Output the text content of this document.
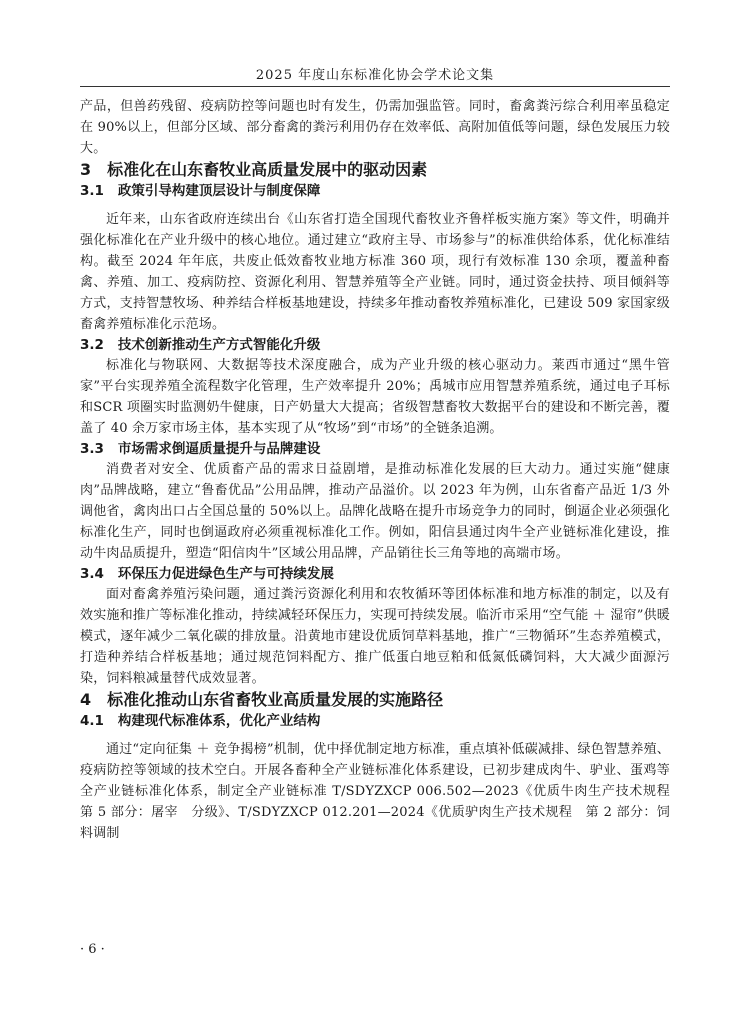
2025 年度山东标准化协会学术论文集

产品，但兽药残留、疫病防控等问题也时有发生，仍需加强监管。同时，畜禽粪污综合利用率虽稳定在 90%以上，但部分区域、部分畜禽的粪污利用仍存在效率低、高附加值低等问题，绿色发展压力较大。

3 标准化在山东畜牧业高质量发展中的驱动因素
3.1 政策引导构建顶层设计与制度保障

近年来，山东省政府连续出台《山东省打造全国现代畜牧业齐鲁样板实施方案》等文件，明确并强化标准化在产业升级中的核心地位。通过建立“政府主导、市场参与”的标准供给体系，优化标准结构。截至 2024 年年底，共废止低效畜牧业地方标准 360 项，现行有效标准 130 余项，覆盖种畜禽、养殖、加工、疫病防控、资源化利用、智慧养殖等全产业链。同时，通过资金扶持、项目倾斜等方式，支持智慧牧场、种养结合样板基地建设，持续多年推动畜牧养殖标准化，已建设 509 家国家级畜禽养殖标准化示范场。

3.2 技术创新推动生产方式智能化升级

标准化与物联网、大数据等技术深度融合，成为产业升级的核心驱动力。莱西市通过“黑牛管家”平台实现养殖全流程数字化管理，生产效率提升 20%；禹城市应用智慧养殖系统，通过电子耳标和SCR 项圈实时监测奶牛健康，日产奶量大大提高；省级智慧畜牧大数据平台的建设和不断完善，覆盖了 40 余万家市场主体，基本实现了从“牧场”到“市场”的全链条追溯。

3.3 市场需求倒逼质量提升与品牌建设

消费者对安全、优质畜产品的需求日益剧增，是推动标准化发展的巨大动力。通过实施“健康肉”品牌战略，建立“鲁畜优品”公用品牌，推动产品溢价。以 2023 年为例，山东省畜产品近 1/3 外调他省，禽肉出口占全国总量的 50%以上。品牌化战略在提升市场竞争力的同时，倒逼企业必须强化标准化生产，同时也倒逼政府必须重视标准化工作。例如，阳信县通过肉牛全产业链标准化建设，推动牛肉品质提升，塑造“阳信肉牛”区域公用品牌，产品销往长三角等地的高端市场。

3.4 环保压力促进绿色生产与可持续发展

面对畜禽养殖污染问题，通过粪污资源化利用和农牧循环等团体标准和地方标准的制定，以及有效实施和推广等标准化推动，持续减轻环保压力，实现可持续发展。临沂市采用“空气能 ＋ 湿帘”供暖模式，逐年减少二氧化碳的排放量。沿黄地市建设优质饲草料基地，推广“三物循环”生态养殖模式，打造种养结合样板基地；通过规范饲料配方、推广低蛋白地豆粕和低氮低磷饲料，大大减少面源污染，饲料粮减量替代成效显著。

4 标准化推动山东省畜牧业高质量发展的实施路径
4.1 构建现代标准体系，优化产业结构

通过“定向征集 ＋ 竞争揭榜”机制，优中择优制定地方标准，重点填补低碳减排、绿色智慧养殖、疫病防控等领域的技术空白。开展各畜种全产业链标准化体系建设，已初步建成肉牛、驴业、蛋鸡等全产业链标准化体系，制定全产业链标准 T/SDYZXCP 006.502—2023《优质牛肉生产技术规程　第 5 部分：屠宰　分级》、T/SDYZXCP 012.201—2024《优质驴肉生产技术规程　第 2 部分：饲料调制

· 6 ·
